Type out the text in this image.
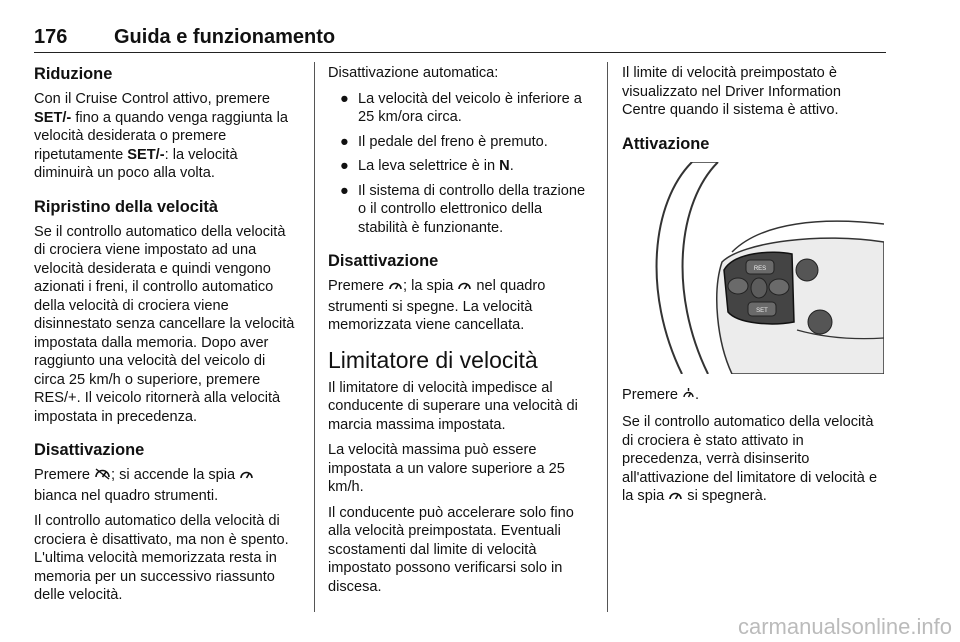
176 Guida e funzionamento
Riduzione

Con il Cruise Control attivo, premere SET/- fino a quando venga raggiunta la velocità desiderata o premere ripetutamente SET/-: la velocità diminuirà un poco alla volta.

Ripristino della velocità

Se il controllo automatico della velocità di crociera viene impostato ad una velocità desiderata e quindi vengono azionati i freni, il controllo automatico della velocità di crociera viene disinnestato senza cancellare la velocità impostata dalla memoria. Dopo aver raggiunto una velocità del veicolo di circa 25 km/h o superiore, premere RES/+. Il veicolo ritornerà alla velocità impostata in precedenza.

Disattivazione

Premere ; si accende la spia  bianca nel quadro strumenti.

Il controllo automatico della velocità di crociera è disattivato, ma non è spento. L'ultima velocità memorizzata resta in memoria per un successivo riassunto delle velocità.

Disattivazione automatica:

● La velocità del veicolo è inferiore a 25 km/ora circa.
● Il pedale del freno è premuto.
● La leva selettrice è in N.
● Il sistema di controllo della trazione o il controllo elettronico della stabilità è funzionante.
Disattivazione

Premere ; la spia  nel quadro strumenti si spegne. La velocità memorizzata viene cancellata.

Limitatore di velocità

Il limitatore di velocità impedisce al conducente di superare una velocità di marcia massima impostata.

La velocità massima può essere impostata a un valore superiore a 25 km/h.

Il conducente può accelerare solo fino alla velocità preimpostata. Eventuali scostamenti dal limite di velocità impostato possono verificarsi solo in discesa.

Il limite di velocità preimpostato è visualizzato nel Driver Information Centre quando il sistema è attivo.

Attivazione
RES
SET

Premere .

Se il controllo automatico della velocità di crociera è stato attivato in precedenza, verrà disinserito all'attivazione del limitatore di velocità e la spia  si spegnerà.

carmanualsonline.info
